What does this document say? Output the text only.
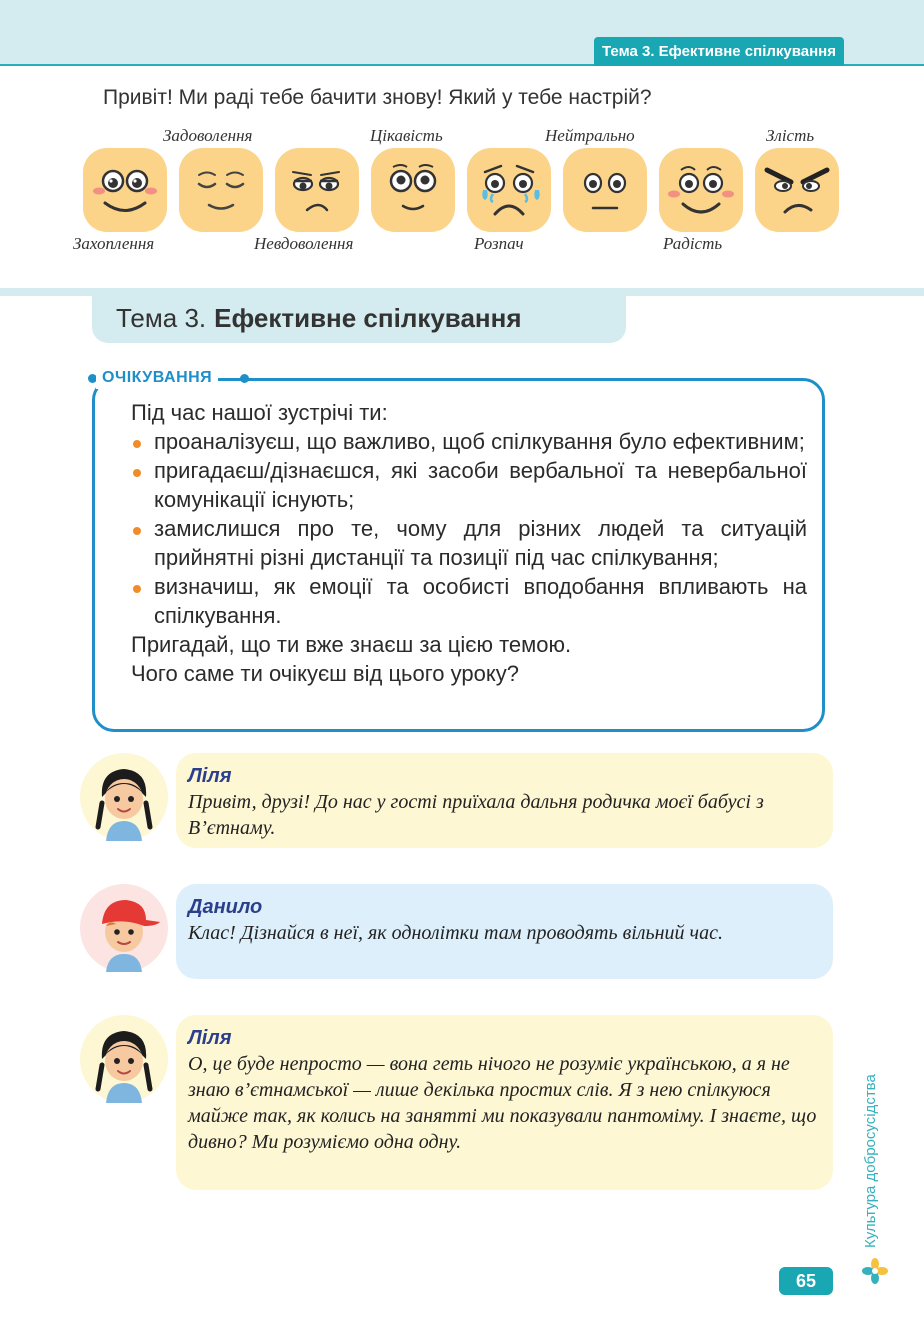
Тема 3. Ефективне спілкування
Привіт! Ми раді тебе бачити знову! Який у тебе настрій?
Захоплення
Задоволення
Невдоволення
Цікавість
Розпач
Нейтрально
Радість
Злість
Тема 3. Ефективне спілкування
ОЧІКУВАННЯ
Під час нашої зустрічі ти:
проаналізуєш, що важливо, щоб спілкування було ефективним;
пригадаєш/дізнаєшся, які засоби вербальної та невербальної комунікації існують;
замислишся про те, чому для різних людей та ситуацій прийнятні різні дистанції та позиції під час спілкування;
визначиш, як емоції та особисті вподобання впливають на спілкування.
Пригадай, що ти вже знаєш за цією темою.
Чого саме ти очікуєш від цього уроку?
Ліля
Привіт, друзі! До нас у гості приїхала дальня родичка моєї бабусі з В’єтнаму.
Данило
Клас! Дізнайся в неї, як однолітки там проводять вільний час.
Ліля
О, це буде непросто — вона геть нічого не розуміє українською, а я не знаю в’єтнамської — лише декілька простих слів. Я з нею спілкуюся майже так, як колись на занятті ми показували пантоміму. І знаєте, що дивно? Ми розуміємо одна одну.	Культура добросусідства
65
